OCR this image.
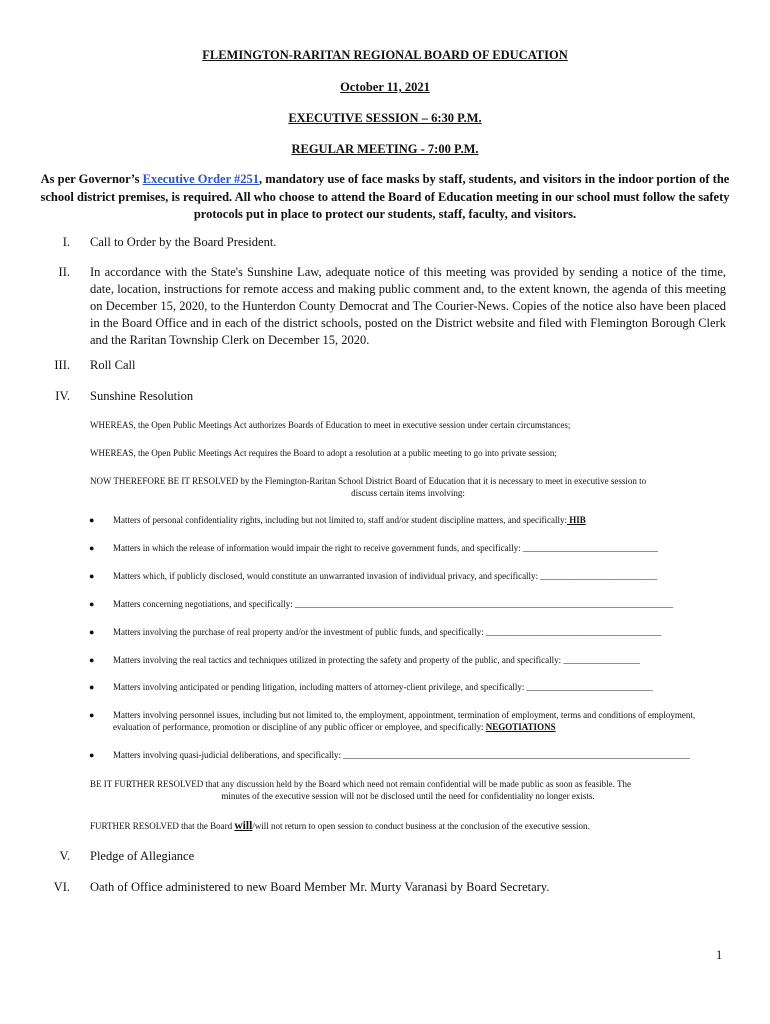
FLEMINGTON-RARITAN REGIONAL BOARD OF EDUCATION
October 11, 2021
EXECUTIVE SESSION – 6:30 P.M.
REGULAR MEETING - 7:00 P.M.
As per Governor’s Executive Order #251, mandatory use of face masks by staff, students, and visitors in the indoor portion of the school district premises, is required. All who choose to attend the Board of Education meeting in our school must follow the safety protocols put in place to protect our students, staff, faculty, and visitors.
I. Call to Order by the Board President.
II. In accordance with the State's Sunshine Law, adequate notice of this meeting was provided by sending a notice of the time, date, location, instructions for remote access and making public comment and, to the extent known, the agenda of this meeting on December 15, 2020, to the Hunterdon County Democrat and The Courier-News. Copies of the notice also have been placed in the Board Office and in each of the district schools, posted on the District website and filed with Flemington Borough Clerk and the Raritan Township Clerk on December 15, 2020.
III. Roll Call
IV. Sunshine Resolution
WHEREAS, the Open Public Meetings Act authorizes Boards of Education to meet in executive session under certain circumstances;
WHEREAS, the Open Public Meetings Act requires the Board to adopt a resolution at a public meeting to go into private session;
NOW THEREFORE BE IT RESOLVED by the Flemington-Raritan School District Board of Education that it is necessary to meet in executive session to
discuss certain items involving:
● Matters of personal confidentiality rights, including but not limited to, staff and/or student discipline matters, and specifically: HIB
● Matters in which the release of information would impair the right to receive government funds, and specifically: ______________________________
● Matters which, if publicly disclosed, would constitute an unwarranted invasion of individual privacy, and specifically: __________________________
● Matters concerning negotiations, and specifically: ____________________________________________________________________________________
● Matters involving the purchase of real property and/or the investment of public funds, and specifically: _______________________________________
● Matters involving the real tactics and techniques utilized in protecting the safety and property of the public, and specifically: _________________
● Matters involving anticipated or pending litigation, including matters of attorney-client privilege, and specifically: ____________________________
● Matters involving personnel issues, including but not limited to, the employment, appointment, termination of employment, terms and conditions of employment, evaluation of performance, promotion or discipline of any public officer or employee, and specifically: NEGOTIATIONS
● Matters involving quasi-judicial deliberations, and specifically: _____________________________________________________________________________
BE IT FURTHER RESOLVED that any discussion held by the Board which need not remain confidential will be made public as soon as feasible. The
minutes of the executive session will not be disclosed until the need for confidentiality no longer exists.
FURTHER RESOLVED that the Board will/will not return to open session to conduct business at the conclusion of the executive session.
V. Pledge of Allegiance
VI. Oath of Office administered to new Board Member Mr. Murty Varanasi by Board Secretary.
1
